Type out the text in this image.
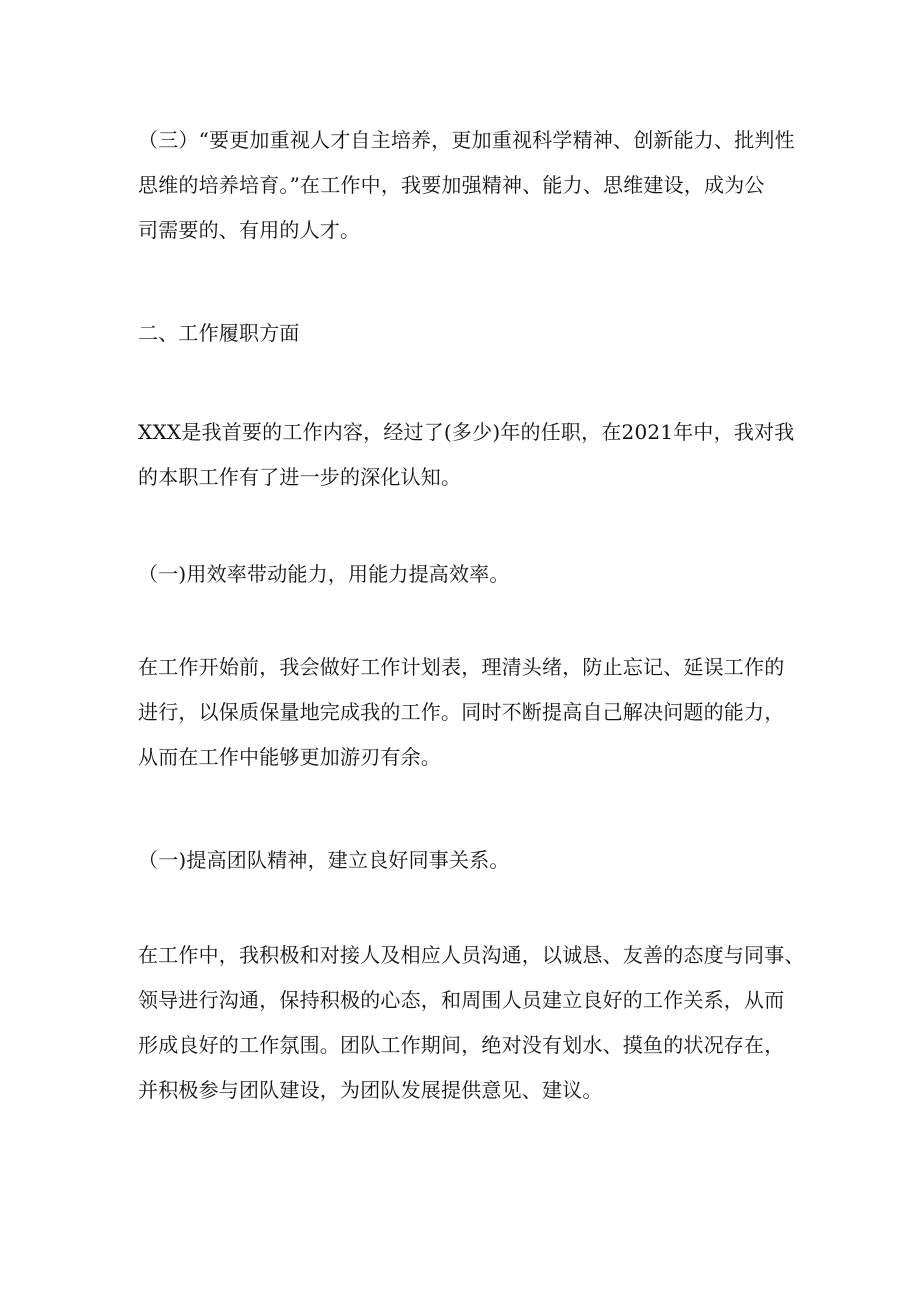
（三）“要更加重视人才自主培养，更加重视科学精神、创新能力、批判性
思维的培养培育。”在工作中，我要加强精神、能力、思维建设，成为公
司需要的、有用的人才。
二、工作履职方面
XXX是我首要的工作内容，经过了(多少)年的任职，在2021年中，我对我
的本职工作有了进一步的深化认知。
（一)用效率带动能力，用能力提高效率。
在工作开始前，我会做好工作计划表，理清头绪，防止忘记、延误工作的
进行，以保质保量地完成我的工作。同时不断提高自己解决问题的能力，
从而在工作中能够更加游刃有余。
（一)提高团队精神，建立良好同事关系。
在工作中，我积极和对接人及相应人员沟通，以诚恳、友善的态度与同事、
领导进行沟通，保持积极的心态，和周围人员建立良好的工作关系，从而
形成良好的工作氛围。团队工作期间，绝对没有划水、摸鱼的状况存在，
并积极参与团队建设，为团队发展提供意见、建议。
